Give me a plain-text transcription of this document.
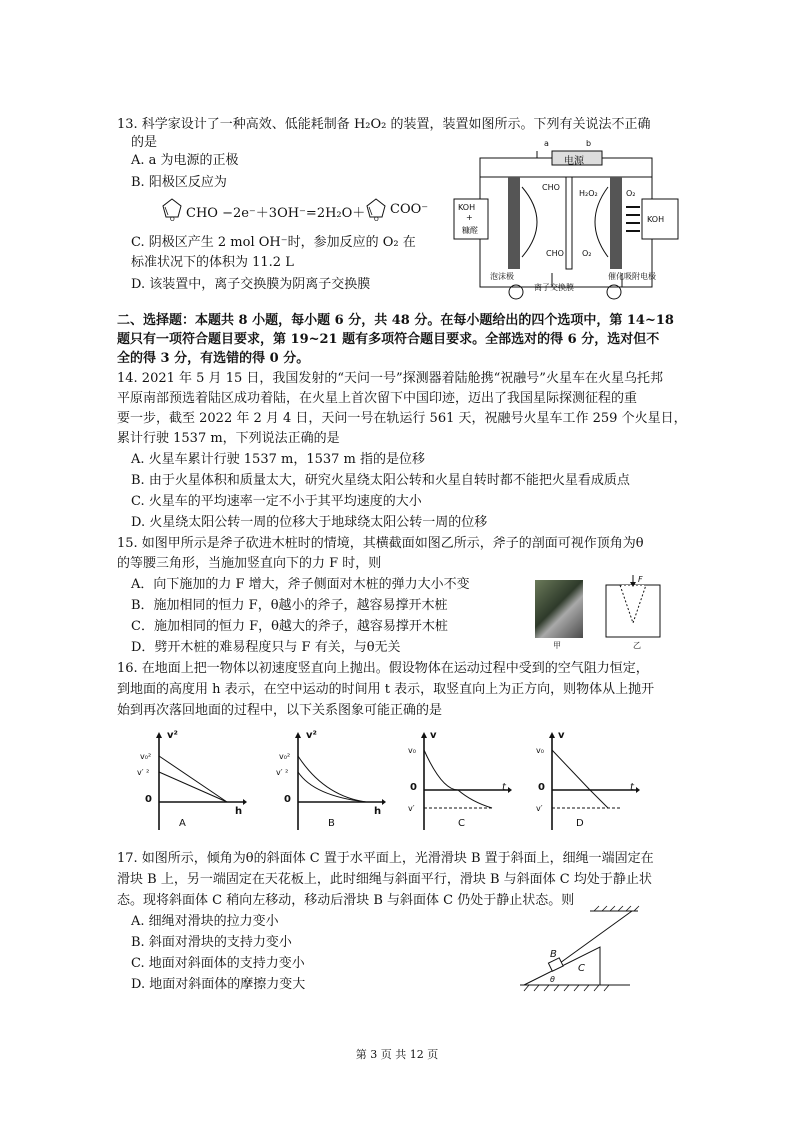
13. 科学家设计了一种高效、低能耗制备 H₂O₂ 的装置，装置如图所示。下列有关说法不正确
的是
A. a 为电源的正极
B. 阳极区反应为
O CHO −2e⁻＋3OH⁻=2H₂O＋ O
COO⁻
C. 阴极区产生 2 mol OH⁻时，参加反应的 O₂ 在
标准状况下的体积为 11.2 L
D. 该装置中，离子交换膜为阴离子交换膜
a	b
电源
KOH
+
糠醛
CHO
CHO
H₂O₂	O₂
O₂
KOH
泡沫极
离子交换膜
催化吸附电极
二、选择题：本题共 8 小题，每小题 6 分，共 48 分。在每小题给出的四个选项中，第 14~18
题只有一项符合题目要求，第 19~21 题有多项符合题目要求。全部选对的得 6 分，选对但不
全的得 3 分，有选错的得 0 分。
14. 2021 年 5 月 15 日，我国发射的“天问一号”探测器着陆舱携“祝融号”火星车在火星乌托邦
平原南部预选着陆区成功着陆，在火星上首次留下中国印迹，迈出了我国星际探测征程的重
要一步，截至 2022 年 2 月 4 日，天问一号在轨运行 561 天，祝融号火星车工作 259 个火星日，
累计行驶 1537 m，下列说法正确的是
A. 火星车累计行驶 1537 m，1537 m 指的是位移
B. 由于火星体积和质量太大，研究火星绕太阳公转和火星自转时都不能把火星看成质点
C. 火星车的平均速率一定不小于其平均速度的大小
D. 火星绕太阳公转一周的位移大于地球绕太阳公转一周的位移
15. 如图甲所示是斧子砍进木桩时的情境，其横截面如图乙所示，斧子的剖面可视作顶角为θ
的等腰三角形，当施加竖直向下的力 F 时，则
A．向下施加的力 F 增大，斧子侧面对木桩的弹力大小不变
B．施加相同的恒力 F，θ越小的斧子，越容易撑开木桩
C．施加相同的恒力 F，θ越大的斧子，越容易撑开木桩
D．劈开木桩的难易程度只与 F 有关，与θ无关	甲
F
乙
16. 在地面上把一物体以初速度竖直向上抛出。假设物体在运动过程中受到的空气阻力恒定，
到地面的高度用 h 表示，在空中运动的时间用 t 表示，取竖直向上为正方向，则物体从上抛开
始到再次落回地面的过程中，以下关系图象可能正确的是
v²
v₀²
v′ ²
0
h
A
v²
v₀²
v′ ²
0
h
B
v
v₀
0
v′
t
C
v
v₀
0
v′
t
D
17. 如图所示，倾角为θ的斜面体 C 置于水平面上，光滑滑块 B 置于斜面上，细绳一端固定在
滑块 B 上，另一端固定在天花板上，此时细绳与斜面平行，滑块 B 与斜面体 C 均处于静止状
态。现将斜面体 C 稍向左移动，移动后滑块 B 与斜面体 C 仍处于静止状态。则
A. 细绳对滑块的拉力变小
B. 斜面对滑块的支持力变小
C. 地面对斜面体的支持力变小
D. 地面对斜面体的摩擦力变大
B
C
θ
第 3 页 共 12 页
